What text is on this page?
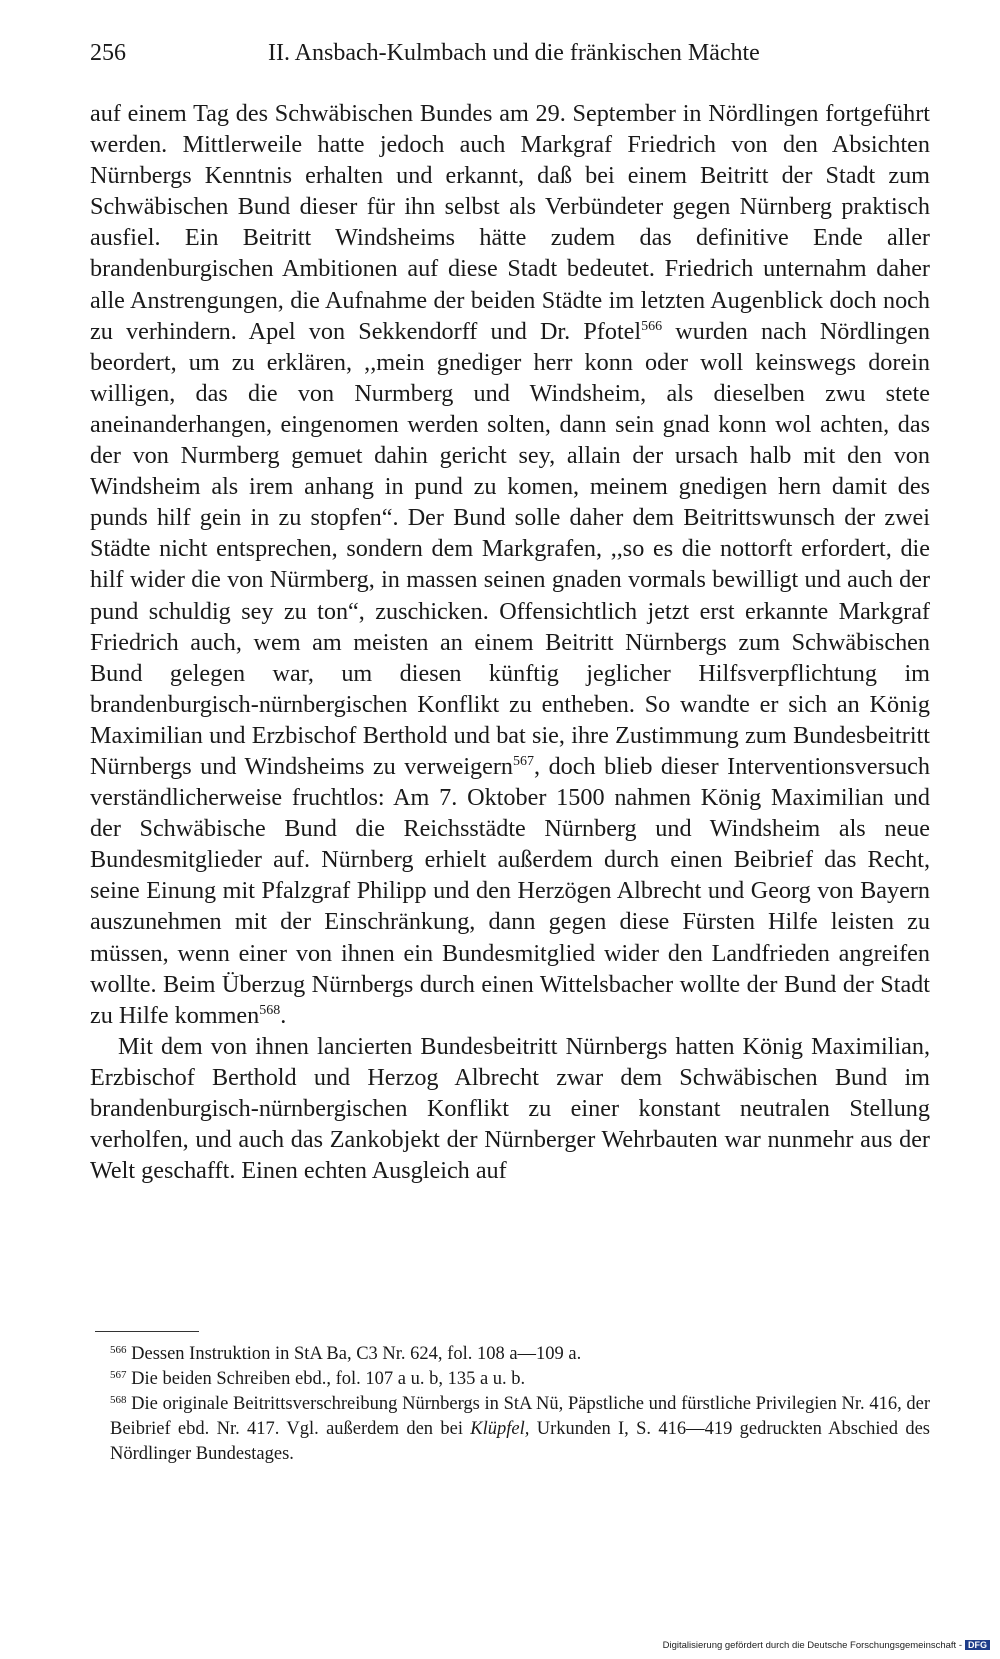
256	II. Ansbach-Kulmbach und die fränkischen Mächte

auf einem Tag des Schwäbischen Bundes am 29. September in Nördlingen fortgeführt werden. Mittlerweile hatte jedoch auch Markgraf Friedrich von den Absichten Nürnbergs Kenntnis erhalten und erkannt, daß bei einem Beitritt der Stadt zum Schwäbischen Bund dieser für ihn selbst als Verbündeter gegen Nürnberg praktisch ausfiel. Ein Beitritt Windsheims hätte zudem das definitive Ende aller brandenburgischen Ambitionen auf diese Stadt bedeutet. Friedrich unternahm daher alle Anstrengungen, die Aufnahme der beiden Städte im letzten Augenblick doch noch zu verhindern. Apel von Sekkendorff und Dr. Pfotel$^{566}$ wurden nach Nördlingen beordert, um zu erklären, ,,mein gnediger herr konn oder woll keinswegs dorein willigen, das die von Nurmberg und Windsheim, als dieselben zwu stete aneinanderhangen, eingenomen werden solten, dann sein gnad konn wol achten, das der von Nurmberg gemuet dahin gericht sey, allain der ursach halb mit den von Windsheim als irem anhang in pund zu komen, meinem gnedigen hern damit des punds hilf gein in zu stopfen“. Der Bund solle daher dem Beitrittswunsch der zwei Städte nicht entsprechen, sondern dem Markgrafen, ,,so es die nottorft erfordert, die hilf wider die von Nürmberg, in massen seinen gnaden vormals bewilligt und auch der pund schuldig sey zu ton“, zuschicken. Offensichtlich jetzt erst erkannte Markgraf Friedrich auch, wem am meisten an einem Beitritt Nürnbergs zum Schwäbischen Bund gelegen war, um diesen künftig jeglicher Hilfsverpflichtung im brandenburgisch-nürnbergischen Konflikt zu entheben. So wandte er sich an König Maximilian und Erzbischof Berthold und bat sie, ihre Zustimmung zum Bundesbeitritt Nürnbergs und Windsheims zu verweigern$^{567}$, doch blieb dieser Interventionsversuch verständlicherweise fruchtlos: Am 7. Oktober 1500 nahmen König Maximilian und der Schwäbische Bund die Reichsstädte Nürnberg und Windsheim als neue Bundesmitglieder auf. Nürnberg erhielt außerdem durch einen Beibrief das Recht, seine Einung mit Pfalzgraf Philipp und den Herzögen Albrecht und Georg von Bayern auszunehmen mit der Einschränkung, dann gegen diese Fürsten Hilfe leisten zu müssen, wenn einer von ihnen ein Bundesmitglied wider den Landfrieden angreifen wollte. Beim Überzug Nürnbergs durch einen Wittelsbacher wollte der Bund der Stadt zu Hilfe kommen$^{568}$.

Mit dem von ihnen lancierten Bundesbeitritt Nürnbergs hatten König Maximilian, Erzbischof Berthold und Herzog Albrecht zwar dem Schwäbischen Bund im brandenburgisch-nürnbergischen Konflikt zu einer konstant neutralen Stellung verholfen, und auch das Zankobjekt der Nürnberger Wehrbauten war nunmehr aus der Welt geschafft. Einen echten Ausgleich auf

$^{566}$ Dessen Instruktion in StA Ba, C3 Nr. 624, fol. 108 a—109 a.

$^{567}$ Die beiden Schreiben ebd., fol. 107 a u. b, 135 a u. b.

$^{568}$ Die originale Beitrittsverschreibung Nürnbergs in StA Nü, Päpstliche und fürstliche Privilegien Nr. 416, der Beibrief ebd. Nr. 417. Vgl. außerdem den bei Klüpfel, Urkunden I, S. 416—419 gedruckten Abschied des Nördlinger Bundestages.

Digitalisierung gefördert durch die Deutsche Forschungsgemeinschaft - DFG
